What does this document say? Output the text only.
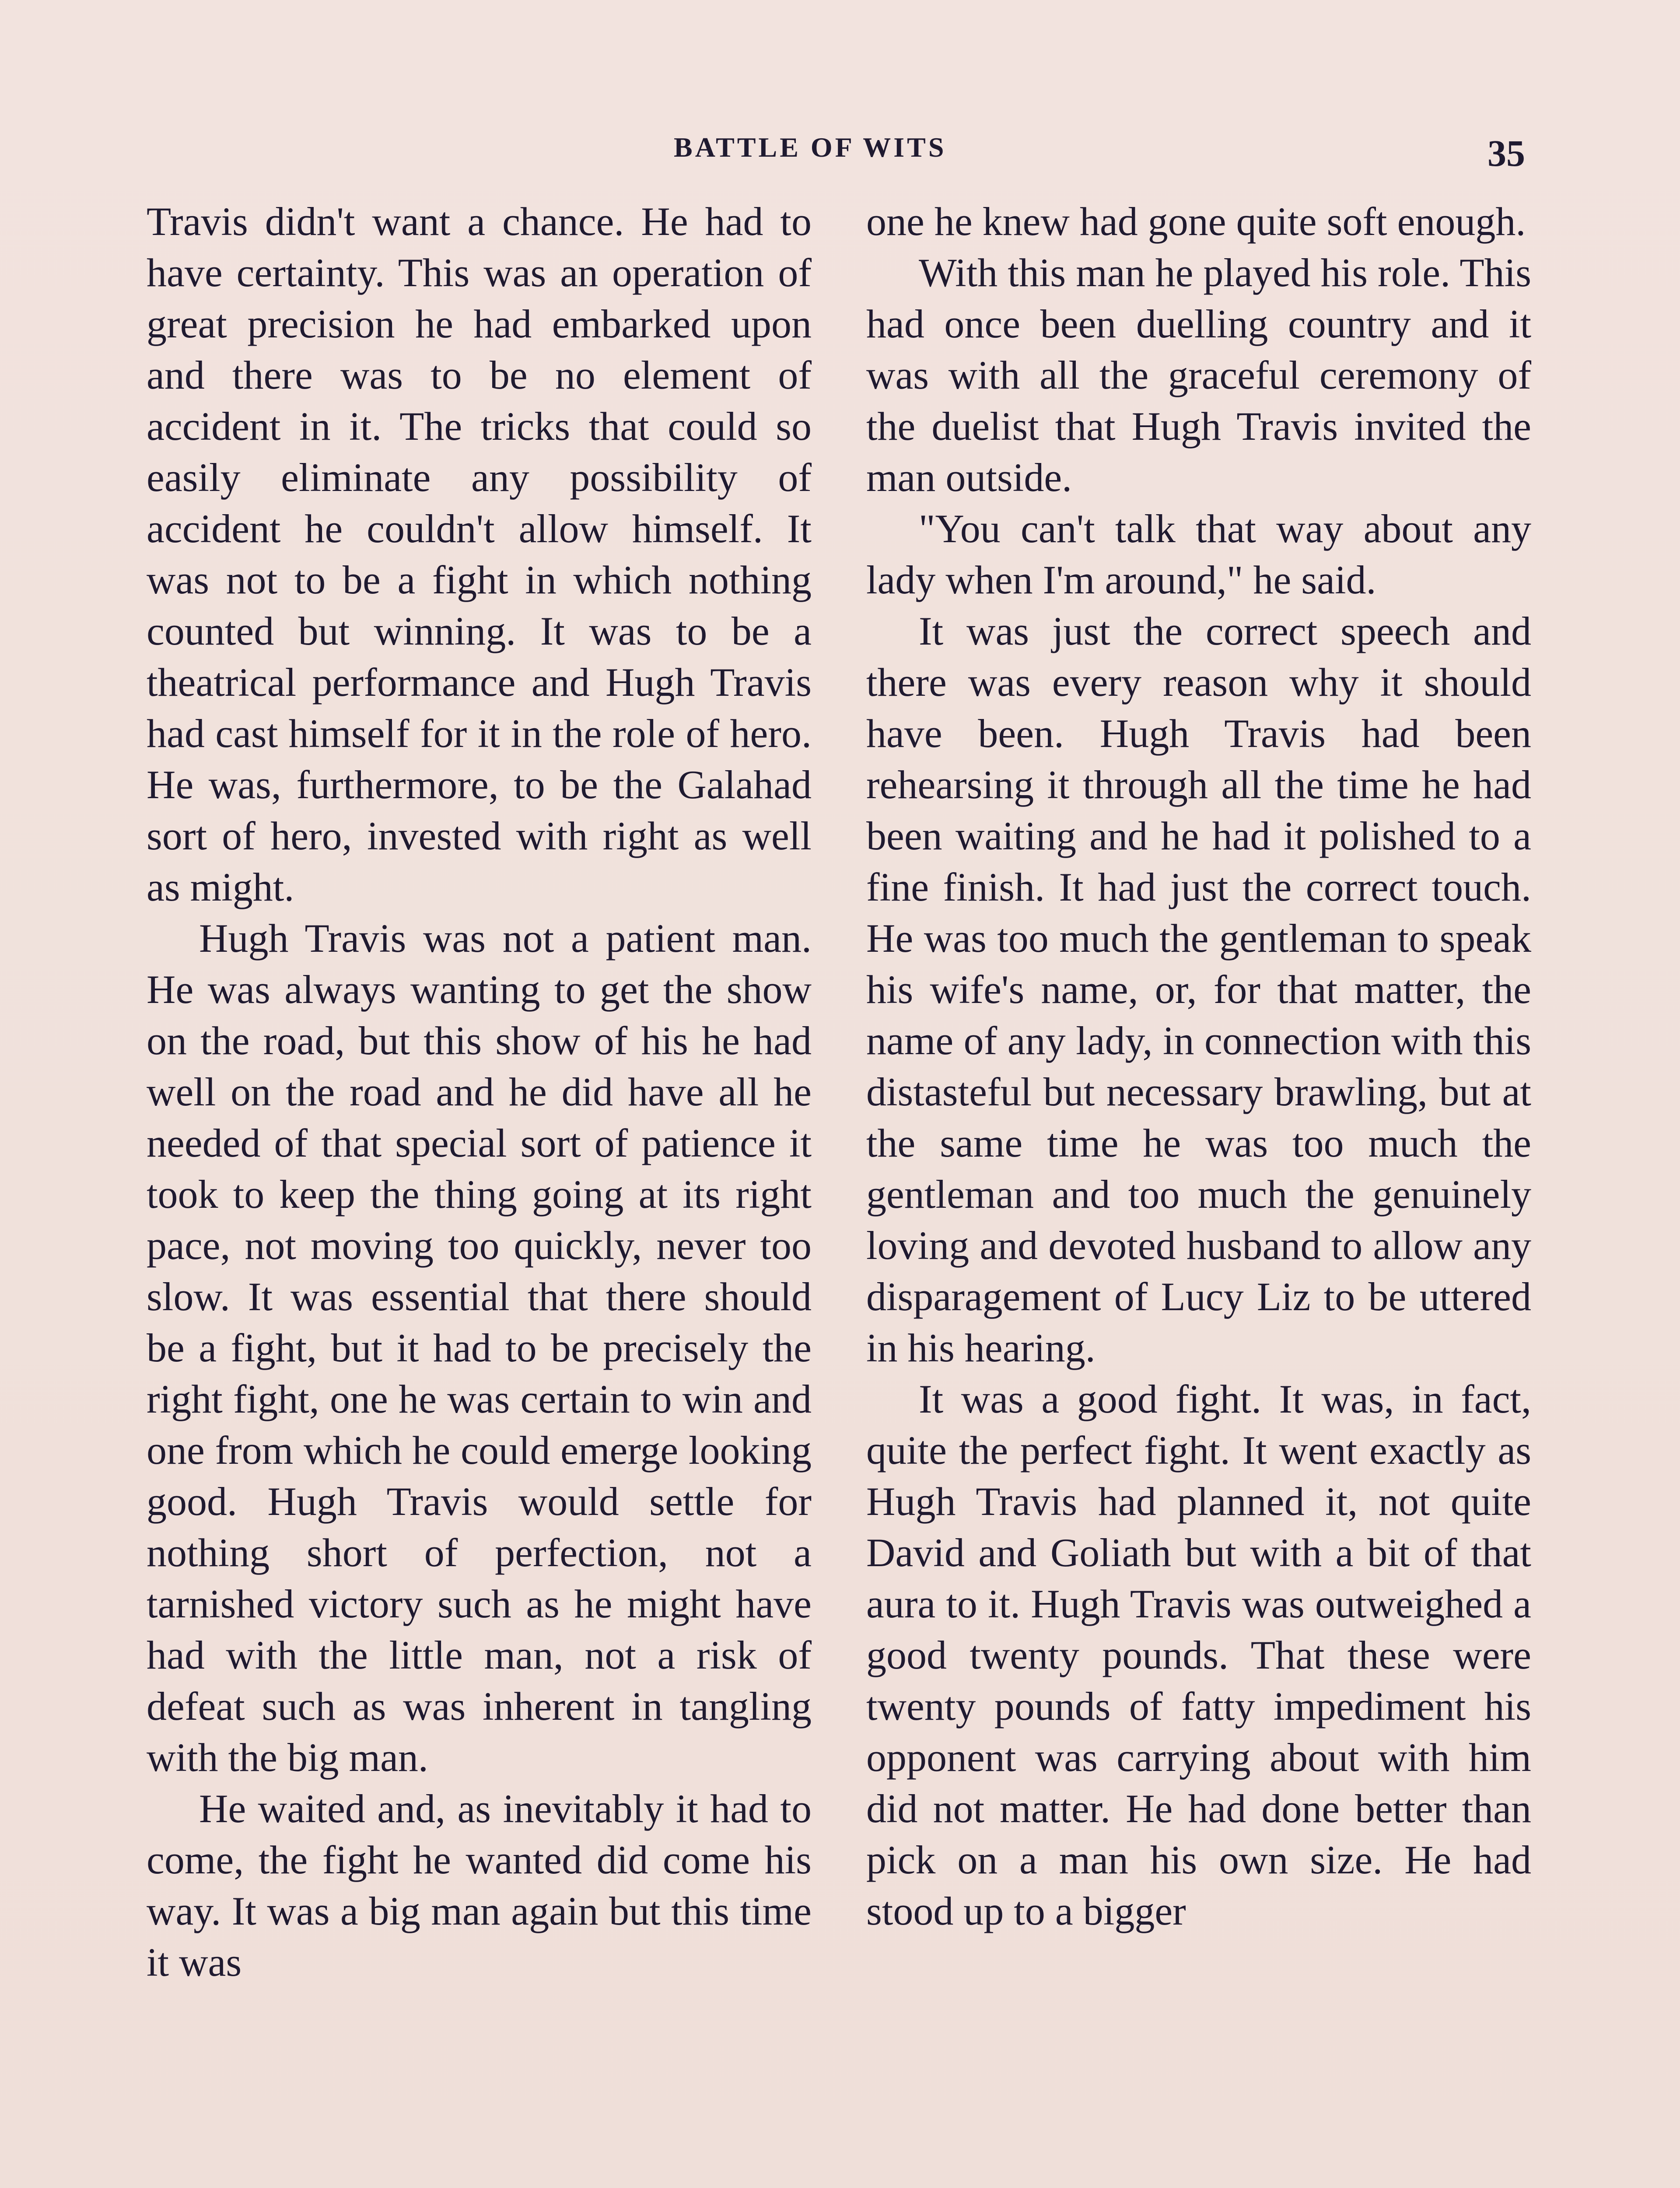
BATTLE OF WITS	35

Travis didn't want a chance. He had to have certainty. This was an operation of great precision he had embarked upon and there was to be no element of accident in it. The tricks that could so easily eliminate any possibility of accident he couldn't allow himself. It was not to be a fight in which nothing counted but winning. It was to be a theatrical performance and Hugh Travis had cast himself for it in the role of hero. He was, furthermore, to be the Galahad sort of hero, invested with right as well as might.

Hugh Travis was not a patient man. He was always wanting to get the show on the road, but this show of his he had well on the road and he did have all he needed of that special sort of patience it took to keep the thing going at its right pace, not moving too quickly, never too slow. It was essential that there should be a fight, but it had to be precisely the right fight, one he was certain to win and one from which he could emerge looking good. Hugh Travis would settle for nothing short of perfection, not a tarnished victory such as he might have had with the little man, not a risk of defeat such as was inherent in tangling with the big man.

He waited and, as inevitably it had to come, the fight he wanted did come his way. It was a big man again but this time it was

one he knew had gone quite soft enough.

With this man he played his role. This had once been duelling country and it was with all the graceful ceremony of the duelist that Hugh Travis invited the man outside.

"You can't talk that way about any lady when I'm around," he said.

It was just the correct speech and there was every reason why it should have been. Hugh Travis had been rehearsing it through all the time he had been waiting and he had it polished to a fine finish. It had just the correct touch. He was too much the gentleman to speak his wife's name, or, for that matter, the name of any lady, in connection with this distasteful but necessary brawling, but at the same time he was too much the gentleman and too much the genuinely loving and devoted husband to allow any disparagement of Lucy Liz to be uttered in his hearing.

It was a good fight. It was, in fact, quite the perfect fight. It went exactly as Hugh Travis had planned it, not quite David and Goliath but with a bit of that aura to it. Hugh Travis was outweighed a good twenty pounds. That these were twenty pounds of fatty impediment his opponent was carrying about with him did not matter. He had done better than pick on a man his own size. He had stood up to a bigger
